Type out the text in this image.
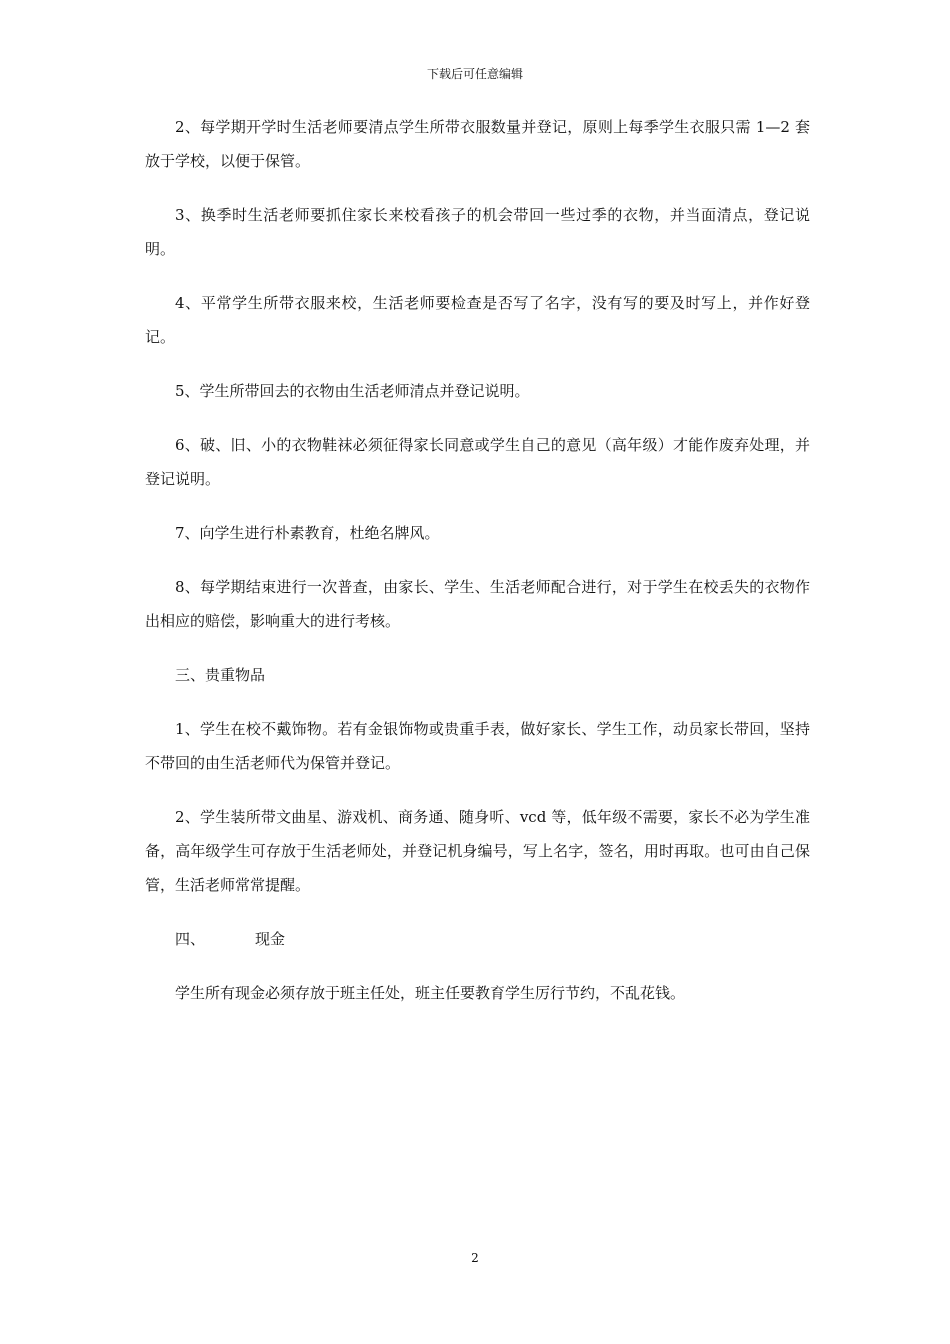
下载后可任意编辑

2、每学期开学时生活老师要清点学生所带衣服数量并登记，原则上每季学生衣服只需 1—2 套放于学校，以便于保管。

3、换季时生活老师要抓住家长来校看孩子的机会带回一些过季的衣物，并当面清点，登记说明。

4、平常学生所带衣服来校，生活老师要检查是否写了名字，没有写的要及时写上，并作好登记。

5、学生所带回去的衣物由生活老师清点并登记说明。

6、破、旧、小的衣物鞋袜必须征得家长同意或学生自己的意见（高年级）才能作废弃处理，并登记说明。

7、向学生进行朴素教育，杜绝名牌风。

8、每学期结束进行一次普查，由家长、学生、生活老师配合进行，对于学生在校丢失的衣物作出相应的赔偿，影响重大的进行考核。

三、贵重物品

1、学生在校不戴饰物。若有金银饰物或贵重手表，做好家长、学生工作，动员家长带回，坚持不带回的由生活老师代为保管并登记。

2、学生装所带文曲星、游戏机、商务通、随身听、vcd 等，低年级不需要，家长不必为学生准备，高年级学生可存放于生活老师处，并登记机身编号，写上名字，签名，用时再取。也可由自己保管，生活老师常常提醒。

四、	现金

学生所有现金必须存放于班主任处，班主任要教育学生厉行节约，不乱花钱。

2
